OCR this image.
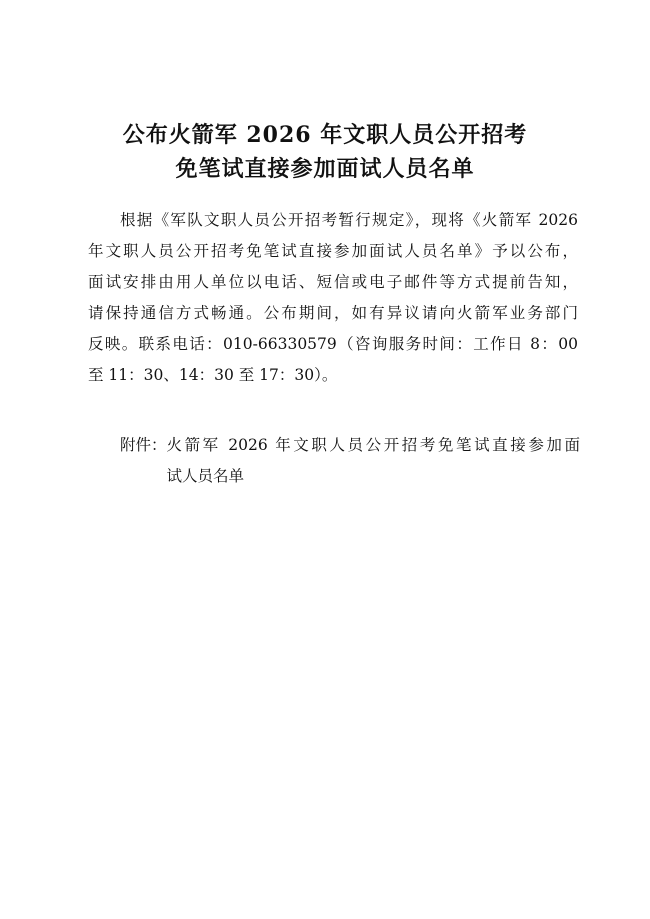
公布火箭军 2026 年文职人员公开招考
免笔试直接参加面试人员名单
根据《军队文职人员公开招考暂行规定》，现将《火箭军 2026
年文职人员公开招考免笔试直接参加面试人员名单》予以公布，
面试安排由用人单位以电话、短信或电子邮件等方式提前告知，
请保持通信方式畅通。公布期间，如有异议请向火箭军业务部门
反映。联系电话：010-66330579（咨询服务时间：工作日 8：00
至 11：30、14：30 至 17：30）。
附件： 火箭军 2026 年文职人员公开招考免笔试直接参加面
试人员名单
